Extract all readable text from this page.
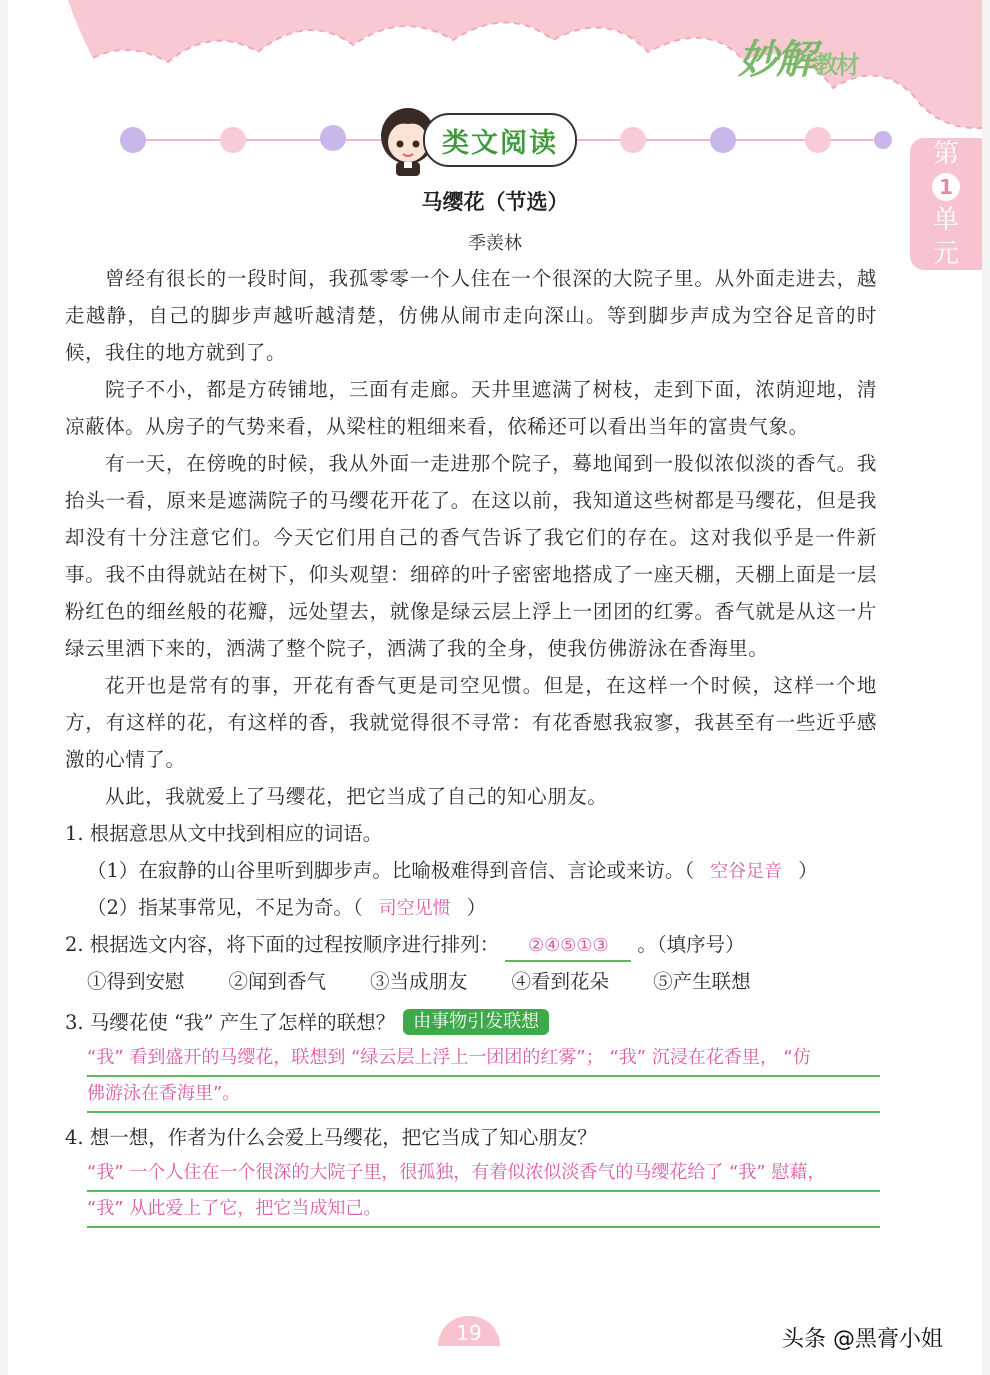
妙解教材
第
1
单
元
类文阅读
马缨花（节选）
季羡林

曾经有很长的一段时间，我孤零零一个人住在一个很深的大院子里。从外面走进去，越走越静，自己的脚步声越听越清楚，仿佛从闹市走向深山。等到脚步声成为空谷足音的时候，我住的地方就到了。

院子不小，都是方砖铺地，三面有走廊。天井里遮满了树枝，走到下面，浓荫迎地，清凉蔽体。从房子的气势来看，从梁柱的粗细来看，依稀还可以看出当年的富贵气象。

有一天，在傍晚的时候，我从外面一走进那个院子，蓦地闻到一股似浓似淡的香气。我抬头一看，原来是遮满院子的马缨花开花了。在这以前，我知道这些树都是马缨花，但是我却没有十分注意它们。今天它们用自己的香气告诉了我它们的存在。这对我似乎是一件新事。我不由得就站在树下，仰头观望：细碎的叶子密密地搭成了一座天棚，天棚上面是一层粉红色的细丝般的花瓣，远处望去，就像是绿云层上浮上一团团的红雾。香气就是从这一片绿云里洒下来的，洒满了整个院子，洒满了我的全身，使我仿佛游泳在香海里。

花开也是常有的事，开花有香气更是司空见惯。但是，在这样一个时候，这样一个地方，有这样的花，有这样的香，我就觉得很不寻常：有花香慰我寂寥，我甚至有一些近乎感激的心情了。

从此，我就爱上了马缨花，把它当成了自己的知心朋友。

1. 根据意思从文中找到相应的词语。
（1）在寂静的山谷里听到脚步声。比喻极难得到音信、言论或来访。（ 空谷足音 ）
（2）指某事常见，不足为奇。（ 司空见惯 ）
2. 根据选文内容，将下面的过程按顺序进行排列： ②④⑤①③ 。（填序号）
①得到安慰 ②闻到香气 ③当成朋友 ④看到花朵 ⑤产生联想
3. 马缨花使 “我” 产生了怎样的联想？ 由事物引发联想
“我” 看到盛开的马缨花，联想到 “绿云层上浮上一团团的红雾”； “我” 沉浸在花香里， “仿
佛游泳在香海里”。
4. 想一想，作者为什么会爱上马缨花，把它当成了知心朋友？
“我” 一个人住在一个很深的大院子里，很孤独，有着似浓似淡香气的马缨花给了 “我” 慰藉，
“我” 从此爱上了它，把它当成知己。
19	头条 @黑膏小姐
